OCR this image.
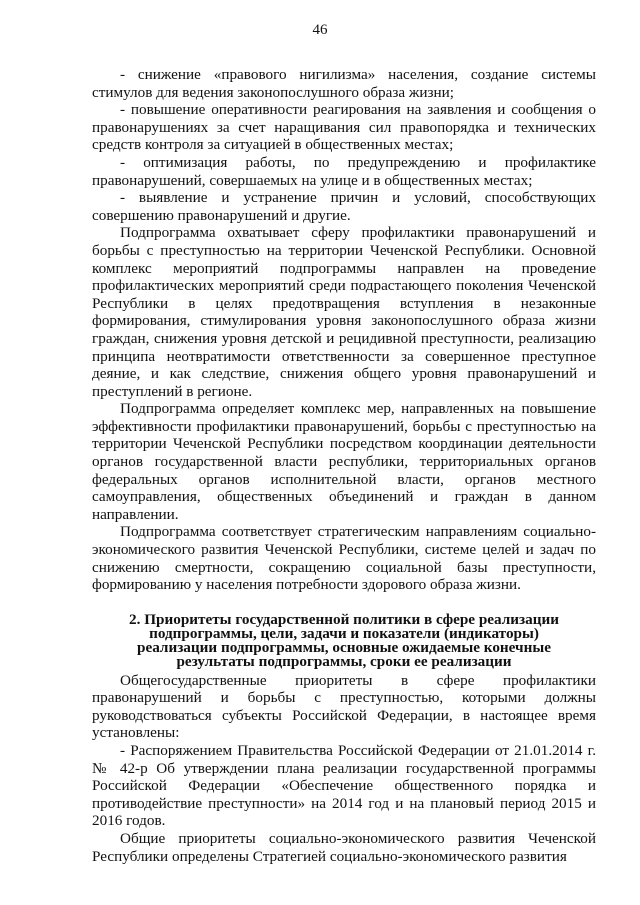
46

- снижение «правового нигилизма» населения, создание системы стимулов для ведения законопослушного образа жизни;

- повышение оперативности реагирования на заявления и сообщения о правонарушениях за счет наращивания сил правопорядка и технических средств контроля за ситуацией в общественных местах;

- оптимизация работы, по предупреждению и профилактике правонарушений, совершаемых на улице и в общественных местах;

- выявление и устранение причин и условий, способствующих совершению правонарушений и другие.

Подпрограмма охватывает сферу профилактики правонарушений и борьбы с преступностью на территории Чеченской Республики. Основной комплекс мероприятий подпрограммы направлен на проведение профилактических мероприятий среди подрастающего поколения Чеченской Республики в целях предотвращения вступления в незаконные формирования, стимулирования уровня законопослушного образа жизни граждан, снижения уровня детской и рецидивной преступности, реализацию принципа неотвратимости ответственности за совершенное преступное деяние, и как следствие, снижения общего уровня правонарушений и преступлений в регионе.

Подпрограмма определяет комплекс мер, направленных на повышение эффективности профилактики правонарушений, борьбы с преступностью на территории Чеченской Республики посредством координации деятельности органов государственной власти республики, территориальных органов федеральных органов исполнительной власти, органов местного самоуправления, общественных объединений и граждан в данном направлении.

Подпрограмма соответствует стратегическим направлениям социально-экономического развития Чеченской Республики, системе целей и задач по снижению смертности, сокращению социальной базы преступности, формированию у населения потребности здорового образа жизни.

2. Приоритеты государственной политики в сфере реализации подпрограммы, цели, задачи и показатели (индикаторы) реализации подпрограммы, основные ожидаемые конечные результаты подпрограммы, сроки ее реализации

Общегосударственные приоритеты в сфере профилактики правонарушений и борьбы с преступностью, которыми должны руководствоваться субъекты Российской Федерации, в настоящее время установлены:

- Распоряжением Правительства Российской Федерации от 21.01.2014 г. № 42-р Об утверждении плана реализации государственной программы Российской Федерации «Обеспечение общественного порядка и противодействие преступности» на 2014 год и на плановый период 2015 и 2016 годов.

Общие приоритеты социально-экономического развития Чеченской Республики определены Стратегией социально-экономического развития
